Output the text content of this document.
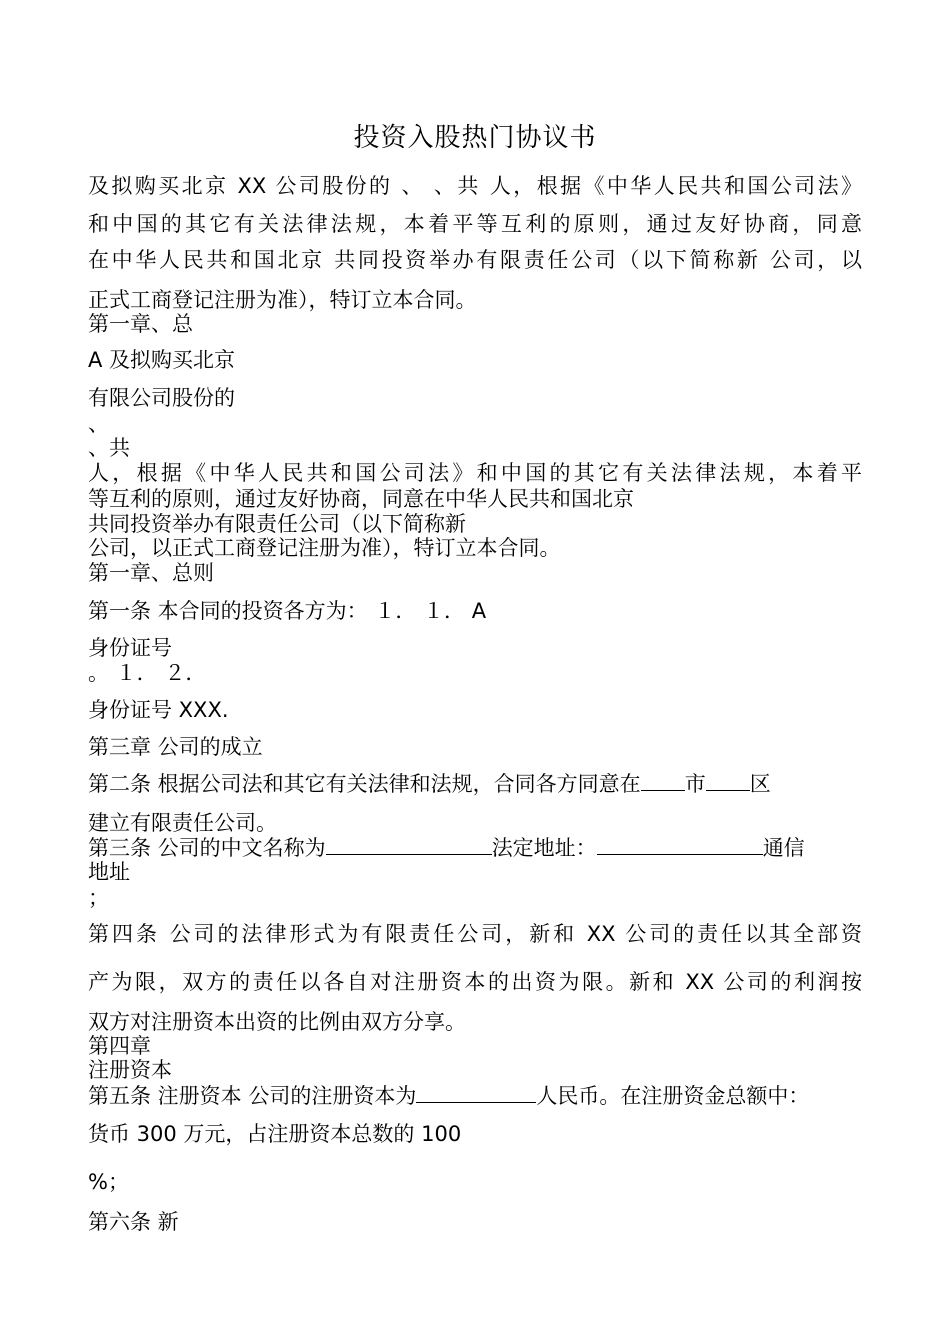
投资入股热门协议书
及拟购买北京 XX 公司股份的 、 、共 人，根据《中华人民共和国公司法》
和中国的其它有关法律法规，本着平等互利的原则，通过友好协商，同意
在中华人民共和国北京 共同投资举办有限责任公司（以下简称新 公司，以
正式工商登记注册为准），特订立本合同。
第一章、总
A 及拟购买北京
有限公司股份的
、
、共
人，根据《中华人民共和国公司法》和中国的其它有关法律法规，本着平
等互利的原则，通过友好协商，同意在中华人民共和国北京
共同投资举办有限责任公司（以下简称新
公司，以正式工商登记注册为准），特订立本合同。
第一章、总则
第一条 本合同的投资各方为： １． １． A
身份证号
。 １． ２．
身份证号 XXX.
第三章 公司的成立
第二条 根据公司法和其它有关法律和法规，合同各方同意在 市 区
建立有限责任公司。
第三条 公司的中文名称为	法定地址：	通信
地址
；
第四条 公司的法律形式为有限责任公司，新和 XX 公司的责任以其全部资
产为限，双方的责任以各自对注册资本的出资为限。新和 XX 公司的利润按
双方对注册资本出资的比例由双方分享。
第四章
注册资本
第五条 注册资本 公司的注册资本为	人民币。在注册资金总额中：
货币 300 万元，占注册资本总数的 100
%；
第六条 新
